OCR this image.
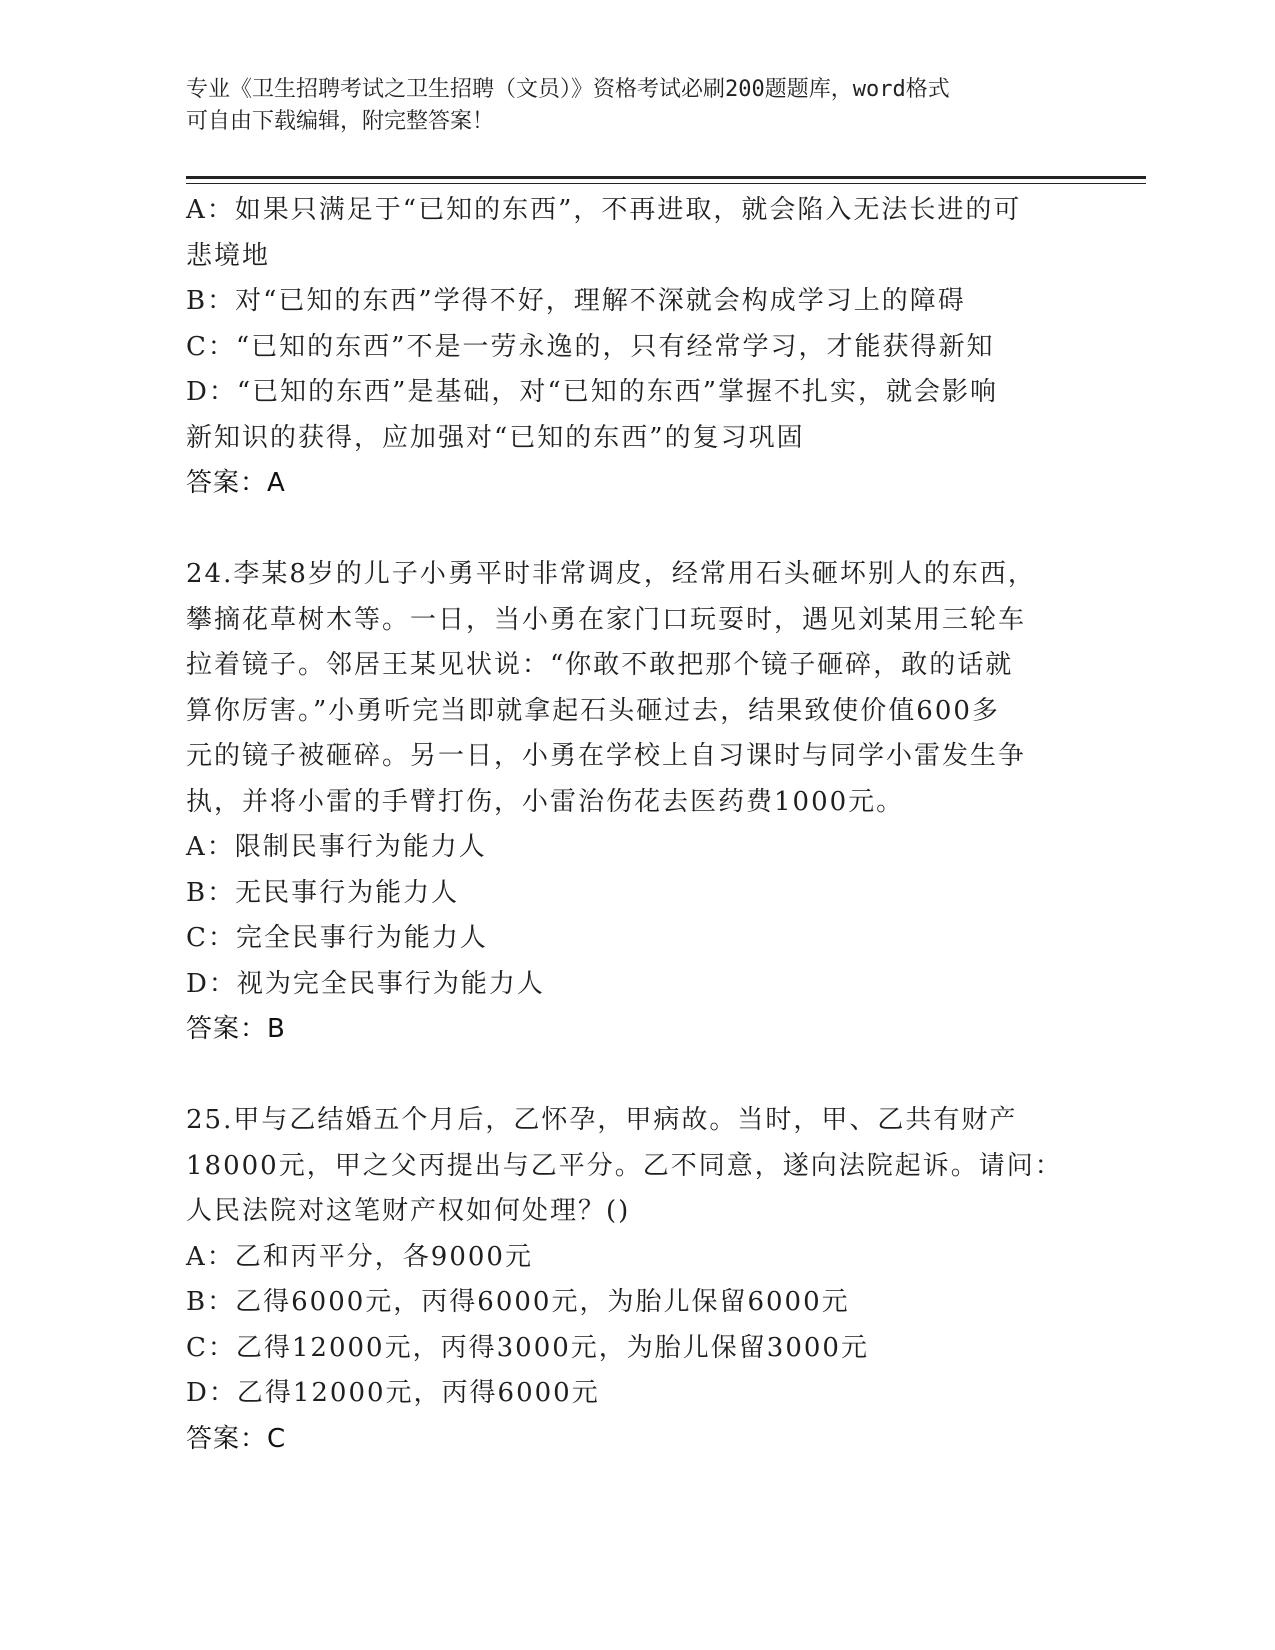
专业《卫生招聘考试之卫生招聘（文员）》资格考试必刷200题题库，word格式
可自由下载编辑，附完整答案！
A：如果只满足于“已知的东西”，不再进取，就会陷入无法长进的可
悲境地
B：对“已知的东西”学得不好，理解不深就会构成学习上的障碍
C：“已知的东西”不是一劳永逸的，只有经常学习，才能获得新知
D：“已知的东西”是基础，对“已知的东西”掌握不扎实，就会影响
新知识的获得，应加强对“已知的东西”的复习巩固
答案：A
24.李某8岁的儿子小勇平时非常调皮，经常用石头砸坏别人的东西，
攀摘花草树木等。一日，当小勇在家门口玩耍时，遇见刘某用三轮车
拉着镜子。邻居王某见状说：“你敢不敢把那个镜子砸碎，敢的话就
算你厉害。”小勇听完当即就拿起石头砸过去，结果致使价值600多
元的镜子被砸碎。另一日，小勇在学校上自习课时与同学小雷发生争
执，并将小雷的手臂打伤，小雷治伤花去医药费1000元。
A：限制民事行为能力人
B：无民事行为能力人
C：完全民事行为能力人
D：视为完全民事行为能力人
答案：B
25.甲与乙结婚五个月后，乙怀孕，甲病故。当时，甲、乙共有财产
18000元，甲之父丙提出与乙平分。乙不同意，遂向法院起诉。请问：
人民法院对这笔财产权如何处理？()
A：乙和丙平分，各9000元
B：乙得6000元，丙得6000元，为胎儿保留6000元
C：乙得12000元，丙得3000元，为胎儿保留3000元
D：乙得12000元，丙得6000元
答案：C
